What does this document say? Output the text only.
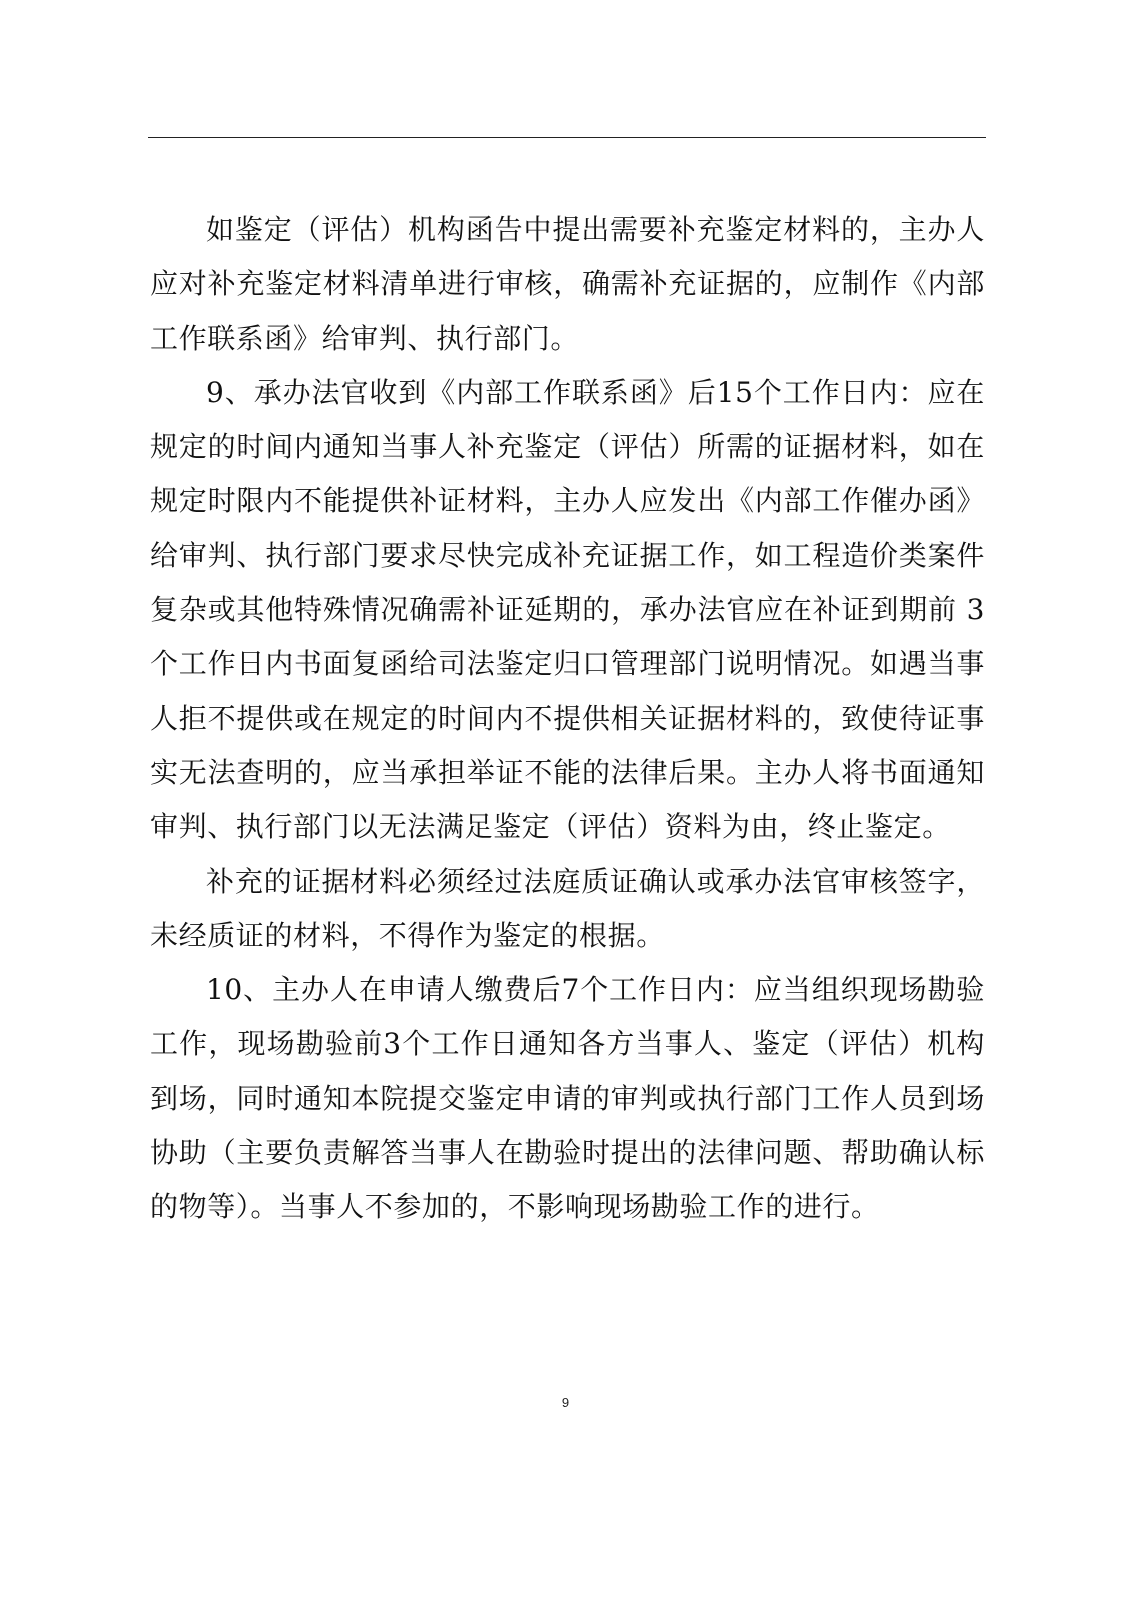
如鉴定（评估）机构函告中提出需要补充鉴定材料的，主办人应对补充鉴定材料清单进行审核，确需补充证据的，应制作《内部工作联系函》给审判、执行部门。

9、承办法官收到《内部工作联系函》后15个工作日内：应在规定的时间内通知当事人补充鉴定（评估）所需的证据材料，如在规定时限内不能提供补证材料，主办人应发出《内部工作催办函》给审判、执行部门要求尽快完成补充证据工作，如工程造价类案件复杂或其他特殊情况确需补证延期的，承办法官应在补证到期前 3 个工作日内书面复函给司法鉴定归口管理部门说明情况。如遇当事人拒不提供或在规定的时间内不提供相关证据材料的，致使待证事实无法查明的，应当承担举证不能的法律后果。主办人将书面通知审判、执行部门以无法满足鉴定（评估）资料为由，终止鉴定。

补充的证据材料必须经过法庭质证确认或承办法官审核签字，未经质证的材料，不得作为鉴定的根据。

10、主办人在申请人缴费后7个工作日内：应当组织现场勘验工作，现场勘验前3个工作日通知各方当事人、鉴定（评估）机构到场，同时通知本院提交鉴定申请的审判或执行部门工作人员到场协助（主要负责解答当事人在勘验时提出的法律问题、帮助确认标的物等）。当事人不参加的，不影响现场勘验工作的进行。

9
